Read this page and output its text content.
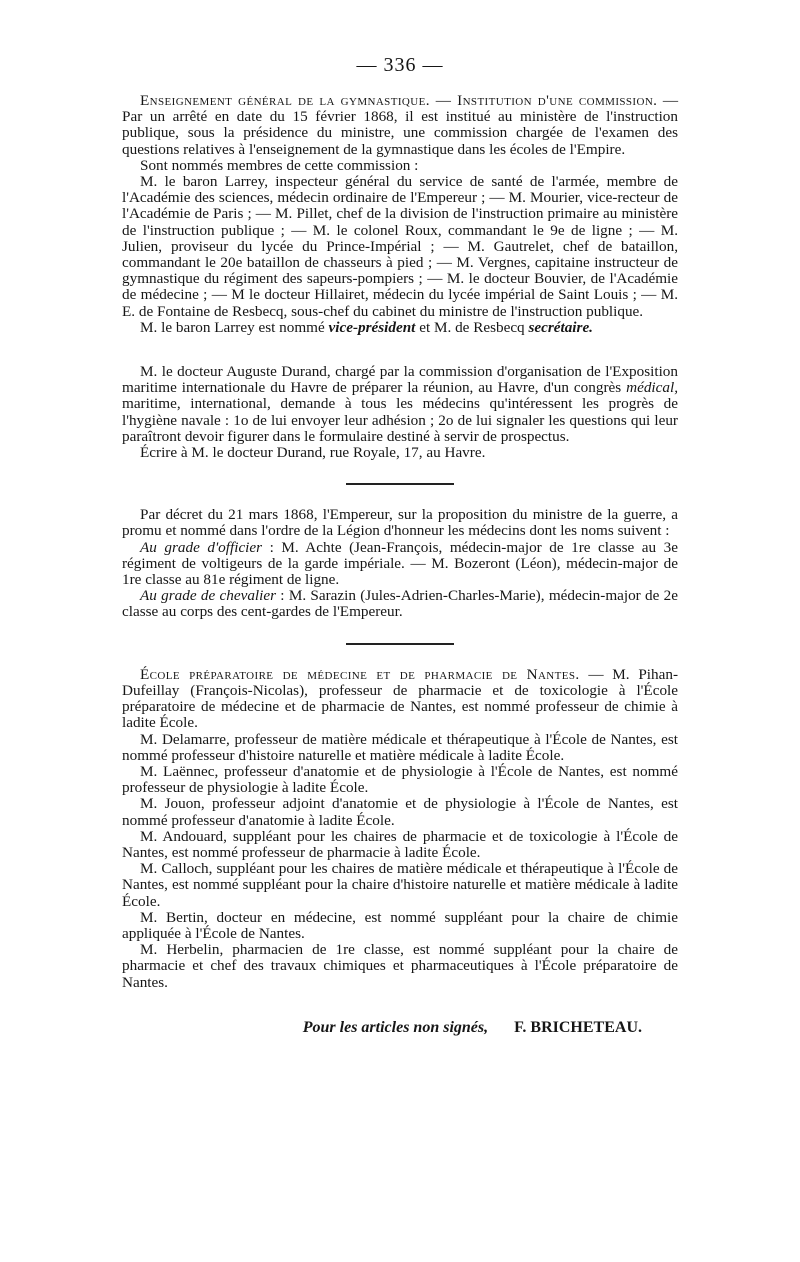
— 336 —

Enseignement général de la gymnastique. — Institution d'une commission. — Par un arrêté en date du 15 février 1868, il est institué au ministère de l'instruction publique, sous la présidence du ministre, une commission chargée de l'examen des questions relatives à l'enseignement de la gymnastique dans les écoles de l'Empire.

Sont nommés membres de cette commission :

M. le baron Larrey, inspecteur général du service de santé de l'armée, membre de l'Académie des sciences, médecin ordinaire de l'Empereur ; — M. Mourier, vice-recteur de l'Académie de Paris ; — M. Pillet, chef de la division de l'instruction primaire au ministère de l'instruction publique ; — M. le colonel Roux, commandant le 9e de ligne ; — M. Julien, proviseur du lycée du Prince-Impérial ; — M. Gautrelet, chef de bataillon, commandant le 20e bataillon de chasseurs à pied ; — M. Vergnes, capitaine instructeur de gymnastique du régiment des sapeurs-pompiers ; — M. le docteur Bouvier, de l'Académie de médecine ; — M le docteur Hillairet, médecin du lycée impérial de Saint Louis ; — M. E. de Fontaine de Resbecq, sous-chef du cabinet du ministre de l'instruction publique.

M. le baron Larrey est nommé vice-président et M. de Resbecq secrétaire.

M. le docteur Auguste Durand, chargé par la commission d'organisation de l'Exposition maritime internationale du Havre de préparer la réunion, au Havre, d'un congrès médical, maritime, international, demande à tous les médecins qu'intéressent les progrès de l'hygiène navale : 1o de lui envoyer leur adhésion ; 2o de lui signaler les questions qui leur paraîtront devoir figurer dans le formulaire destiné à servir de prospectus.

Écrire à M. le docteur Durand, rue Royale, 17, au Havre.

Par décret du 21 mars 1868, l'Empereur, sur la proposition du ministre de la guerre, a promu et nommé dans l'ordre de la Légion d'honneur les médecins dont les noms suivent :

Au grade d'officier : M. Achte (Jean-François, médecin-major de 1re classe au 3e régiment de voltigeurs de la garde impériale. — M. Bozeront (Léon), médecin-major de 1re classe au 81e régiment de ligne.

Au grade de chevalier : M. Sarazin (Jules-Adrien-Charles-Marie), médecin-major de 2e classe au corps des cent-gardes de l'Empereur.

École préparatoire de médecine et de pharmacie de Nantes. — M. Pihan-Dufeillay (François-Nicolas), professeur de pharmacie et de toxicologie à l'École préparatoire de médecine et de pharmacie de Nantes, est nommé professeur de chimie à ladite École.

M. Delamarre, professeur de matière médicale et thérapeutique à l'École de Nantes, est nommé professeur d'histoire naturelle et matière médicale à ladite École.

M. Laënnec, professeur d'anatomie et de physiologie à l'École de Nantes, est nommé professeur de physiologie à ladite École.

M. Jouon, professeur adjoint d'anatomie et de physiologie à l'École de Nantes, est nommé professeur d'anatomie à ladite École.

M. Andouard, suppléant pour les chaires de pharmacie et de toxicologie à l'École de Nantes, est nommé professeur de pharmacie à ladite École.

M. Calloch, suppléant pour les chaires de matière médicale et thérapeutique à l'École de Nantes, est nommé suppléant pour la chaire d'histoire naturelle et matière médicale à ladite École.

M. Bertin, docteur en médecine, est nommé suppléant pour la chaire de chimie appliquée à l'École de Nantes.

M. Herbelin, pharmacien de 1re classe, est nommé suppléant pour la chaire de pharmacie et chef des travaux chimiques et pharmaceutiques à l'École préparatoire de Nantes.

Pour les articles non signés, F. BRICHETEAU.
